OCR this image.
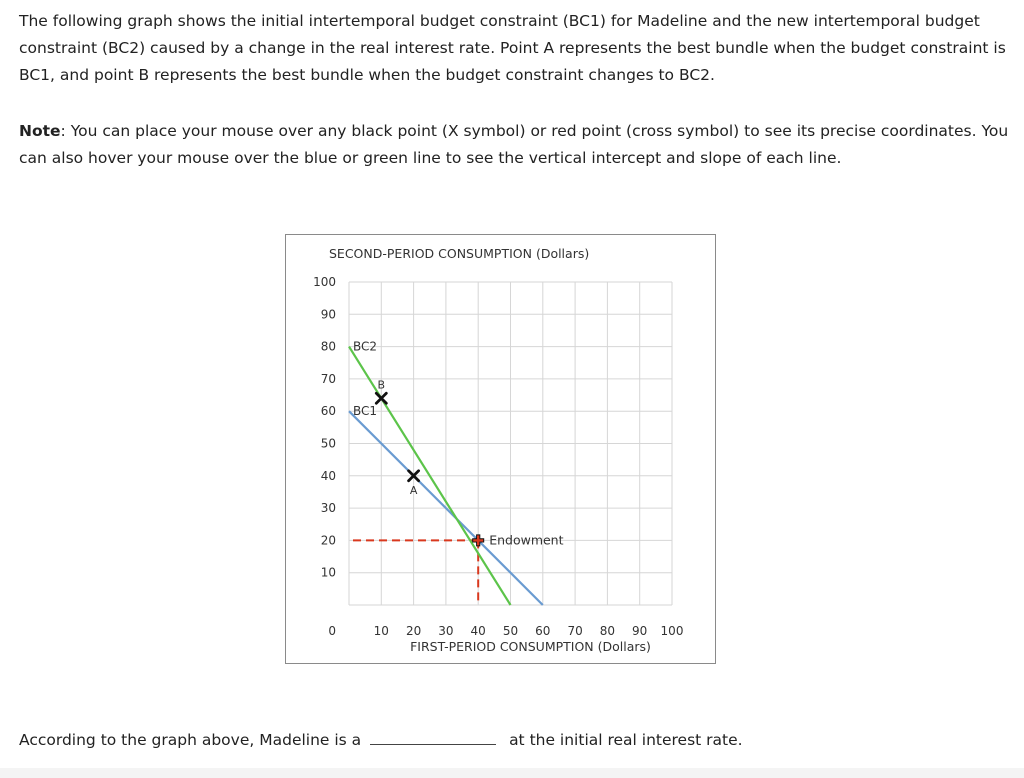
The following graph shows the initial intertemporal budget constraint (BC1) for Madeline and the new intertemporal budget constraint (BC2) caused by a change in the real interest rate. Point A represents the best bundle when the budget constraint is BC1, and point B represents the best bundle when the budget constraint changes to BC2.

Note: You can place your mouse over any black point (X symbol) or red point (cross symbol) to see its precise coordinates. You can also hover your mouse over the blue or green line to see the vertical intercept and slope of each line.

SECOND-PERIOD CONSUMPTION (Dollars)
FIRST-PERIOD CONSUMPTION (Dollars)
0
10
20
30
40
50
60
70
80
90
100
10 20 30 40 50 60 70 80 90 100
BC1
BC2
A
B
Endowment
According to the graph above, Madeline is a	at the initial real interest rate.
